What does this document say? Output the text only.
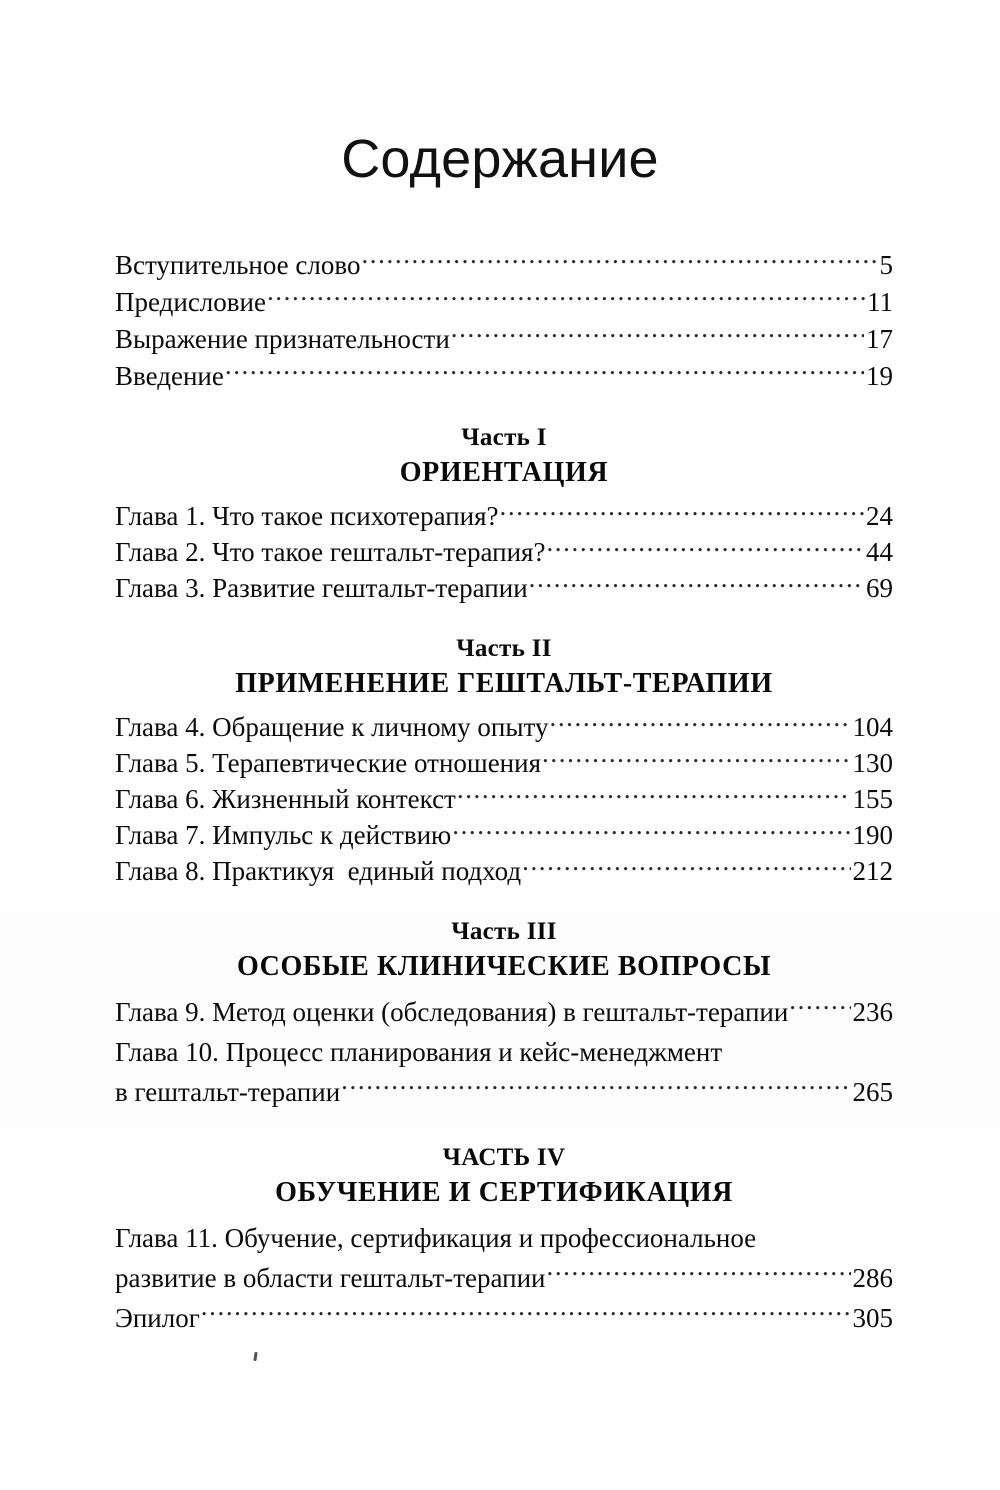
Содержание
Вступительное слово .....	5
Предисловие .....	11
Выражение признательности .....	17
Введение .....	19
Часть I
ОРИЕНТАЦИЯ
Глава 1. Что такое психотерапия? .....	24
Глава 2. Что такое гештальт-терапия? .....	44
Глава 3. Развитие гештальт-терапии .....	69
Часть II
ПРИМЕНЕНИЕ ГЕШТАЛЬТ-ТЕРАПИИ
Глава 4. Обращение к личному опыту .....	104
Глава 5. Терапевтические отношения .....	130
Глава 6. Жизненный контекст .....	155
Глава 7. Импульс к действию .....	190
Глава 8. Практикуя  единый подход .....	212
Часть III
ОСОБЫЕ КЛИНИЧЕСКИЕ ВОПРОСЫ
Глава 9. Метод оценки (обследования) в гештальт-терапии ..... 236
Глава 10. Процесс планирования и кейс-менеджмент
в гештальт-терапии .....	265
ЧАСТЬ IV
ОБУЧЕНИЕ И СЕРТИФИКАЦИЯ
Глава 11. Обучение, сертификация и профессиональное
развитие в области гештальт-терапии .....	286
Эпилог .....	305
